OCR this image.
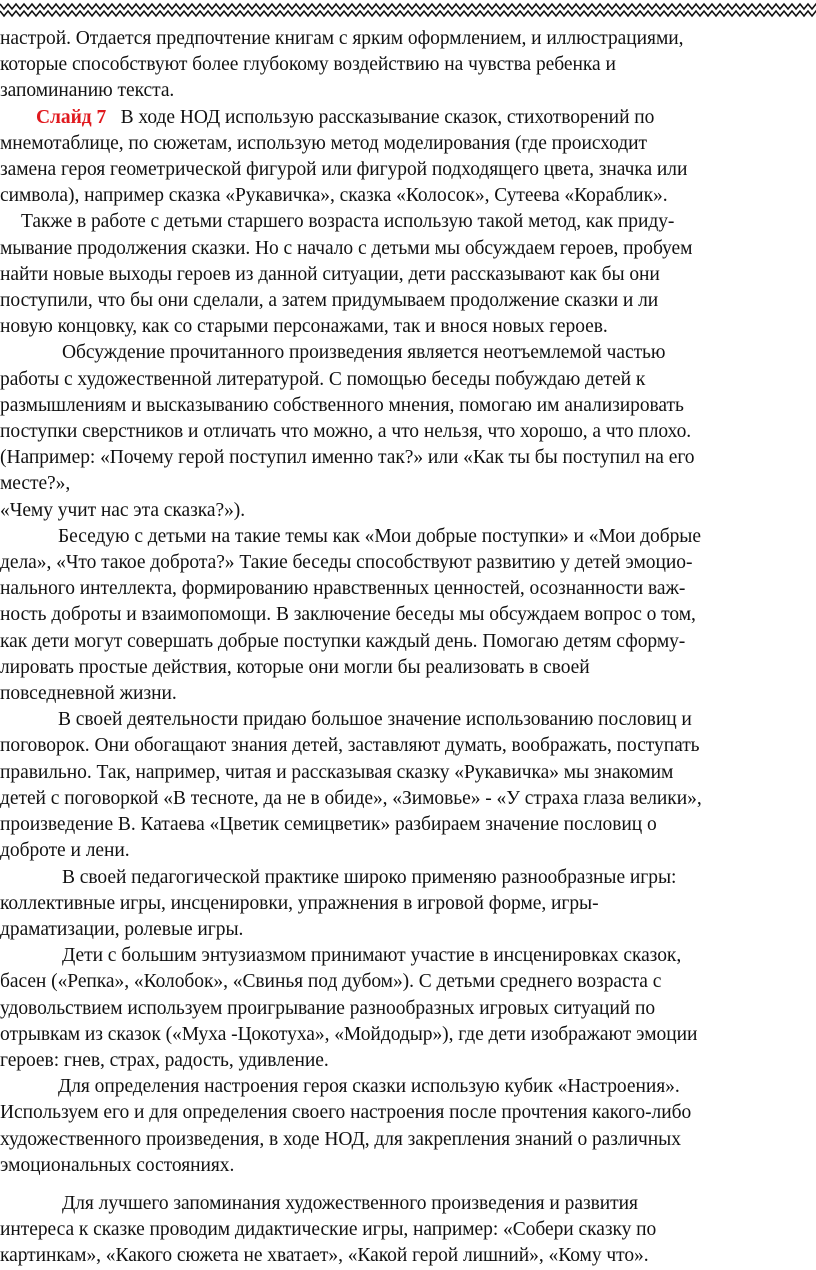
настрой. Отдается предпочтение книгам с ярким оформлением, и иллюстрациями,
которые способствуют более глубокому воздействию на чувства ребенка и
запоминанию текста.
Слайд 7 В ходе НОД использую рассказывание сказок, стихотворений по
мнемотаблице, по сюжетам, использую метод моделирования (где происходит
замена героя геометрической фигурой или фигурой подходящего цвета, значка или
символа), например сказка «Рукавичка», сказка «Колосок», Сутеева «Кораблик».
Также в работе с детьми старшего возраста использую такой метод, как приду-
мывание продолжения сказки. Но с начало с детьми мы обсуждаем героев, пробуем
найти новые выходы героев из данной ситуации, дети рассказывают как бы они
поступили, что бы они сделали, а затем придумываем продолжение сказки и ли
новую концовку, как со старыми персонажами, так и внося новых героев.
Обсуждение прочитанного произведения является неотъемлемой частью
работы с художественной литературой. С помощью беседы побуждаю детей к
размышлениям и высказыванию собственного мнения, помогаю им анализировать
поступки сверстников и отличать что можно, а что нельзя, что хорошо, а что плохо.
(Например: «Почему герой поступил именно так?» или «Как ты бы поступил на его
месте?»,
«Чему учит нас эта сказка?»).
Беседую с детьми на такие темы как «Мои добрые поступки» и «Мои добрые
дела», «Что такое доброта?» Такие беседы способствуют развитию у детей эмоцио-
нального интеллекта, формированию нравственных ценностей, осознанности важ-
ность доброты и взаимопомощи. В заключение беседы мы обсуждаем вопрос о том,
как дети могут совершать добрые поступки каждый день. Помогаю детям сформу-
лировать простые действия, которые они могли бы реализовать в своей
повседневной жизни.
В своей деятельности придаю большое значение использованию пословиц и
поговорок. Они обогащают знания детей, заставляют думать, воображать, поступать
правильно. Так, например, читая и рассказывая сказку «Рукавичка» мы знакомим
детей с поговоркой «В тесноте, да не в обиде», «Зимовье» - «У страха глаза велики»,
произведение В. Катаева «Цветик семицветик» разбираем значение пословиц о
доброте и лени.
В своей педагогической практике широко применяю разнообразные игры:
коллективные игры, инсценировки, упражнения в игровой форме, игры-
драматизации, ролевые игры.
Дети с большим энтузиазмом принимают участие в инсценировках сказок,
басен («Репка», «Колобок», «Свинья под дубом»). С детьми среднего возраста с
удовольствием используем проигрывание разнообразных игровых ситуаций по
отрывкам из сказок («Муха -Цокотуха», «Мойдодыр»), где дети изображают эмоции
героев: гнев, страх, радость, удивление.
Для определения настроения героя сказки использую кубик «Настроения».
Используем его и для определения своего настроения после прочтения какого-либо
художественного произведения, в ходе НОД, для закрепления знаний о различных
эмоциональных состояниях.
Для лучшего запоминания художественного произведения и развития
интереса к сказке проводим дидактические игры, например: «Собери сказку по
картинкам», «Какого сюжета не хватает», «Какой герой лишний», «Кому что».
